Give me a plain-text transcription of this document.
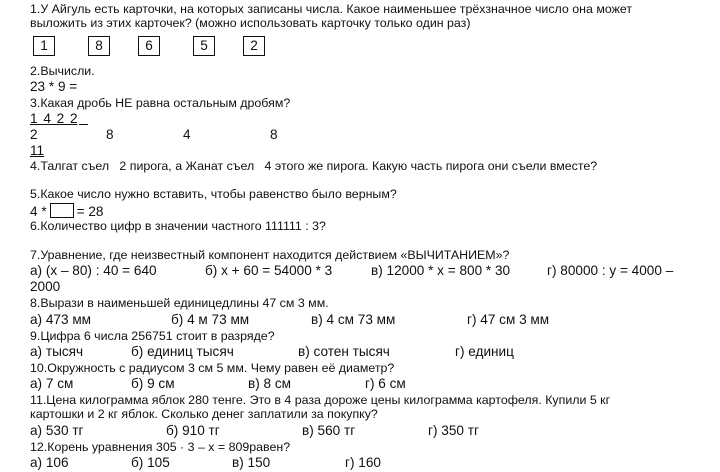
1.У Айгуль есть карточки, на которых записаны числа. Какое наименьшее трёхзначное число она может
выложить из этих карточек? (можно использовать карточку только один раз)
1	8	6	5	2
2.Вычисли.
23 * 9 =
3.Какая дробь НЕ равна остальным дробям?
1 4 2 2
2	8	4	8
11
4.Талгат съел   2 пирога, а Жанат съел   4 этого же пирога. Какую часть пирога они съели вместе?
5.Какое число нужно вставить, чтобы равенство было верным?
4 * = 28
6.Количество цифр в значении частного 111111 : 3?
7.Уравнение, где неизвестный компонент находится действием «ВЫЧИТАНИЕМ»?
а) (х – 80) : 40 = 640	б) х + 60 = 54000 * 3	в) 12000 * х = 800 * 30	г) 80000 : у = 4000 –
2000
8.Вырази в наименьшей единицедлины 47 см 3 мм.
а) 473 мм	б) 4 м 73 мм	в) 4 см 73 мм	г) 47 см 3 мм
9.Цифра 6 числа 256751 стоит в разряде?
а) тысяч	б) единиц тысяч	в) сотен тысяч	г) единиц
10.Окружность с радиусом 3 см 5 мм. Чему равен её диаметр?
а) 7 см	б) 9 см	в) 8 см	г) 6 см
11.Цена килограмма яблок 280 тенге. Это в 4 раза дороже цены килограмма картофеля. Купили 5 кг
картошки и 2 кг яблок. Сколько денег заплатили за покупку?
а) 530 тг	б) 910 тг	в) 560 тг	г) 350 тг
12.Корень уравнения 305 · 3 – х = 809равен?
а) 106	б) 105	в) 150	г) 160
